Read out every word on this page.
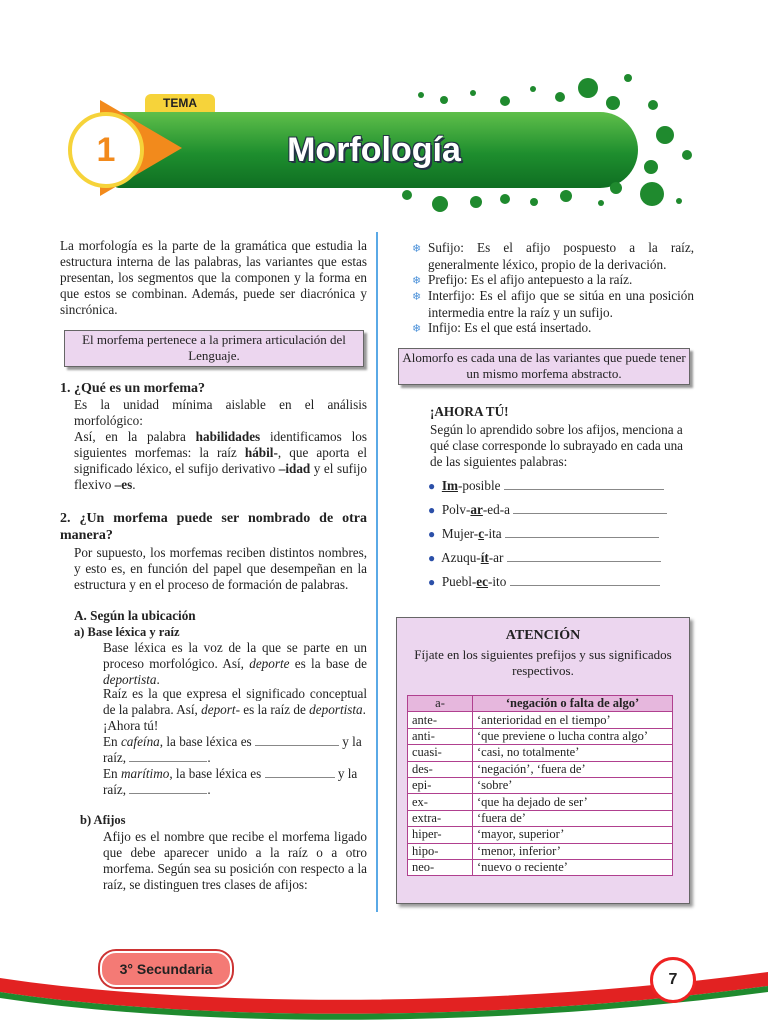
Morfología
TEMA
1
La morfología es la parte de la gramática que estudia la estructura interna de las palabras, las variantes que estas presentan, los segmentos que la componen y la forma en que estos se combinan. Además, puede ser diacrónica y sincrónica.
El morfema pertenece a la primera articulación del Lenguaje.
1. ¿Qué es un morfema?
Es la unidad mínima aislable en el análisis morfológico:
Así, en la palabra habilidades identificamos los siguientes morfemas: la raíz hábil-, que aporta el significado léxico, el sufijo derivativo –idad y el sufijo flexivo –es.
2. ¿Un morfema puede ser nombrado de otra manera?
Por supuesto, los morfemas reciben distintos nombres, y esto es, en función del papel que desempeñan en la estructura y en el proceso de formación de palabras.
A. Según la ubicación
a) Base léxica y raíz
Base léxica es la voz de la que se parte en un proceso morfológico. Así, deporte es la base de deportista.
Raíz es la que expresa el significado conceptual de la palabra. Así, deport- es la raíz de deportista.
¡Ahora tú!
En cafeína, la base léxica es	y la
raíz,	.
En marítimo, la base léxica es	y la
raíz,	.
b) Afijos
Afijo es el nombre que recibe el morfema ligado que debe aparecer unido a la raíz o a otro morfema. Según sea su posición con respecto a la raíz, se distinguen tres clases de afijos:
❄ Sufijo: Es el afijo pospuesto a la raíz, generalmente léxico, propio de la derivación.
❄ Prefijo: Es el afijo antepuesto a la raíz.
❄ Interfijo: Es el afijo que se sitúa en una posición intermedia entre la raíz y un sufijo.
❄ Infijo: Es el que está insertado.
Alomorfo es cada una de las variantes que puede tener un mismo morfema abstracto.
¡AHORA TÚ!
Según lo aprendido sobre los afijos, menciona a qué clase corresponde lo subrayado en cada una de las siguientes palabras:
● Im-posible
● Polv-ar-ed-a
● Mujer-c-ita
● Azuqu-ít-ar
● Puebl-ec-ito
ATENCIÓN
Fíjate en los siguientes prefijos y sus significados respectivos.
a-	‘negación o falta de algo’
ante-	‘anterioridad en el tiempo’
anti-	‘que previene o lucha contra algo’
cuasi-	‘casi, no totalmente’
des-	‘negación’, ‘fuera de’
epi-	‘sobre’
ex-	‘que ha dejado de ser’
extra-	‘fuera de’
hiper-	‘mayor, superior’
hipo-	‘menor, inferior’
neo-	‘nuevo o reciente’
3° Secundaria
7
